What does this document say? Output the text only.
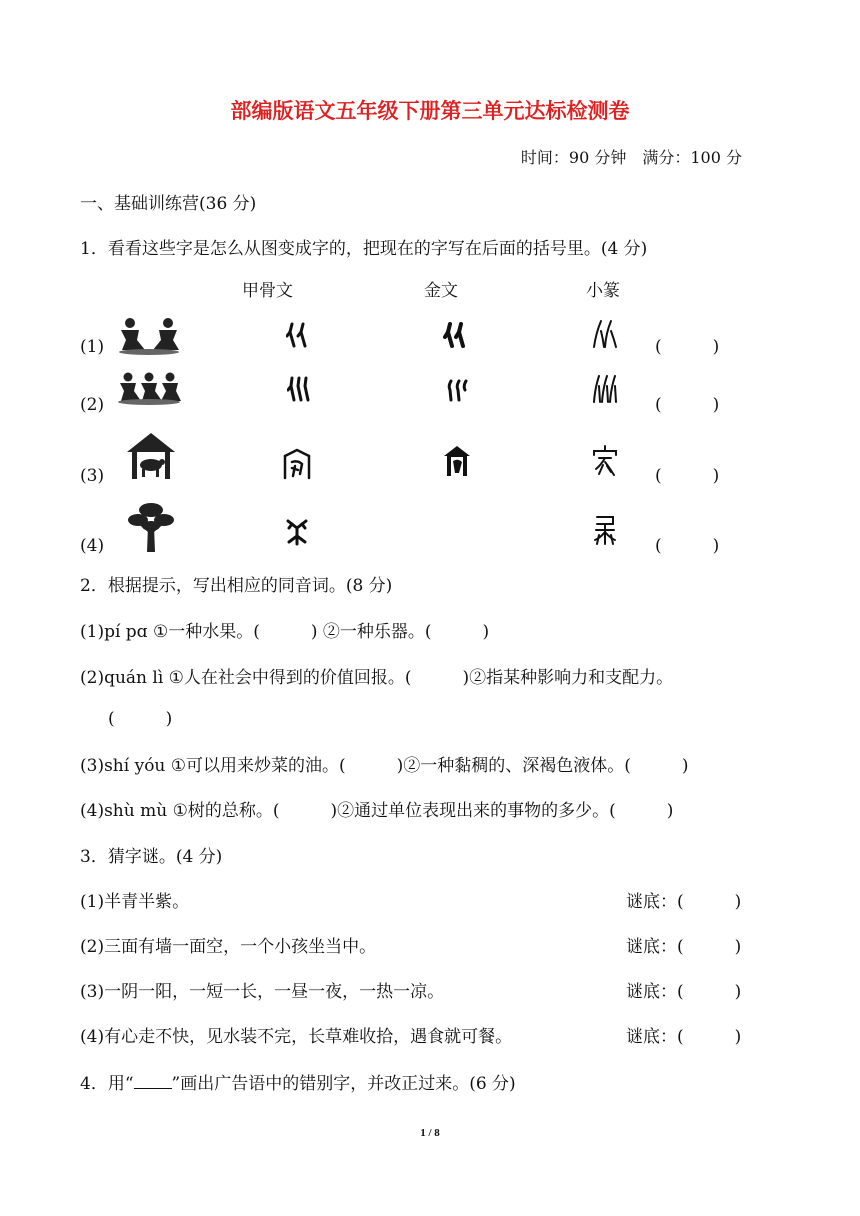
部编版语文五年级下册第三单元达标检测卷
时间：90 分钟　满分：100 分
一、基础训练营(36 分)
1．看看这些字是怎么从图变成字的，把现在的字写在后面的括号里。(4 分)
甲骨文	金文	小篆
(1)	(　　　)
(2)	(　　　)
(3)	(　　　)
(4)	(　　　)
2．根据提示，写出相应的同音词。(8 分)
(1)pí pɑ ①一种水果。(　　　) ②一种乐器。(　　　)
(2)quán lì ①人在社会中得到的价值回报。(　　　)②指某种影响力和支配力。
(　　　)
(3)shí yóu ①可以用来炒菜的油。(　　　)②一种黏稠的、深褐色液体。(　　　)
(4)shù mù ①树的总称。(　　　)②通过单位表现出来的事物的多少。(　　　)
3．猜字谜。(4 分)
(1)半青半紫。	谜底：(　　　)
(2)三面有墙一面空，一个小孩坐当中。	谜底：(　　　)
(3)一阴一阳，一短一长，一昼一夜，一热一凉。	谜底：(　　　)
(4)有心走不快，见水装不完，长草难收拾，遇食就可餐。	谜底：(　　　)
4．用“ ”画出广告语中的错别字，并改正过来。(6 分)
1 / 8
